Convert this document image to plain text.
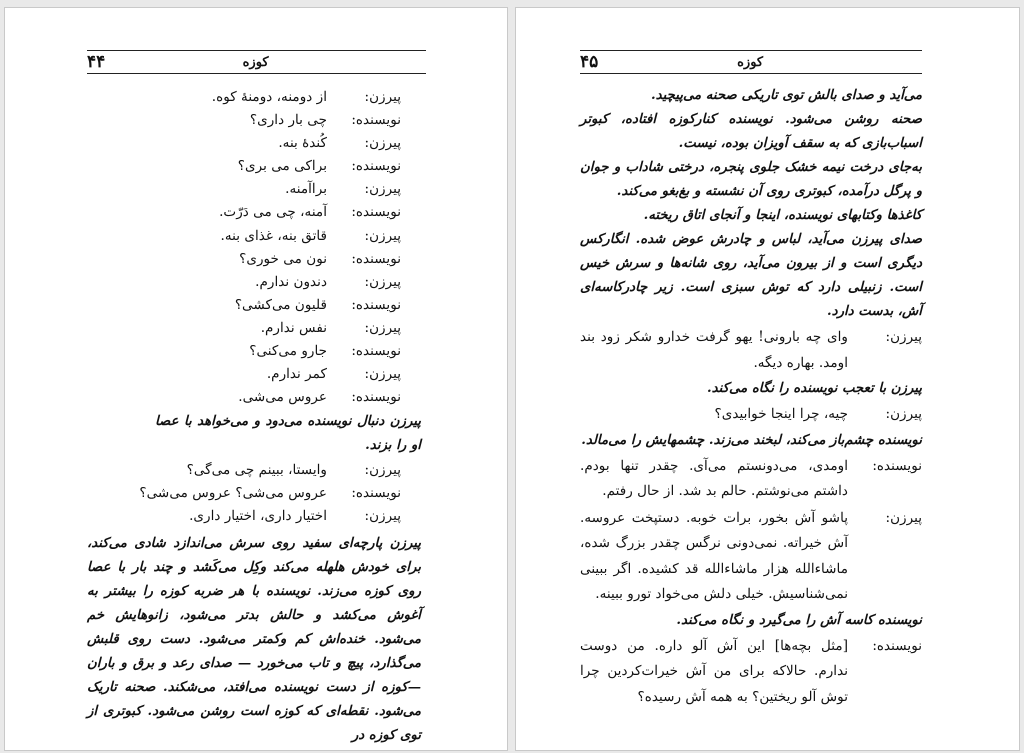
۴۴	کوزه
پیرزن:
از دومنه، دومنهٔ کوه.
نویسنده:
چی بار داری؟
پیرزن:
کُندهٔ بنه.
نویسنده:
براکی می بری؟
پیرزن:
براآمنه.
نویسنده:
آمنه، چی می دَرّت.
پیرزن:
قاتق بنه، غذای بنه.
نویسنده:
نون می خوری؟
پیرزن:
دندون ندارم.
نویسنده:
قلیون می‌کشی؟
پیرزن:
نفس ندارم.
نویسنده:
جارو می‌کنی؟
پیرزن:
کمر ندارم.
نویسنده:
عروس می‌شی.
پیرزن دنبال نویسنده می‌دود و می‌خواهد با عصا او را بزند.
پیرزن:
وایستا، ببینم چی می‌گی؟
نویسنده:
عروس می‌شی؟ عروس می‌شی؟
پیرزن:
اختیار داری، اختیار داری.
پیرزن پارچه‌ای سفید روی سرش می‌اندازد شادی می‌کند، برای خودش هلهله می‌کند وکِل می‌کَشد و چند بار با عصا روی کوزه می‌زند. نویسنده با هر ضربه کوزه را بیشتر به آغوش می‌کشد و حالش بدتر می‌شود، زانوهایش خم می‌شود. خنده‌اش کم وکمتر می‌شود. دست روی قلبش می‌گذارد، پیچ و تاب می‌خورد — صدای رعد و برق و باران —کوزه از دست نویسنده می‌افتد، می‌شکند. صحنه تاریک می‌شود. نقطه‌ای که کوزه است روشن می‌شود. کبوتری از توی کوزه در
۴۵	کوزه
می‌آید و صدای بالش توی تاریکی صحنه می‌پیچید.
صحنه روشن می‌شود. نویسنده کنارکوزه افتاده، کبوتر اسباب‌بازی که به سقف آویزان بوده، نیست.
به‌جای درخت نیمه خشک جلوی پنجره، درختی شاداب و جوان و پرگل درآمده، کبوتری روی آن نشسته و بغ‌بغو می‌کند.
کاغذها وکتابهای نویسنده، اینجا و آنجای اتاق ریخته.
صدای پیرزن می‌آید، لباس و چادرش عوض شده. انگارکس دیگری است و از بیرون می‌آید، روی شانه‌ها و سرش خیس است. زنبیلی دارد که توش سبزی است. زیر چادرکاسه‌ای آش، بدست دارد.
پیرزن:
وای چه بارونی! یهو گرفت خدارو شکر زود بند اومد. بهاره دیگه.
پیرزن با تعجب نویسنده را نگاه می‌کند.
پیرزن:
چیه، چرا اینجا خوابیدی؟
نویسنده چشم‌باز می‌کند، لبخند می‌زند. چشمهایش را می‌مالد.
نویسنده:
اومدی، می‌دونستم می‌آی. چقدر تنها بودم. داشتم می‌نوشتم. حالم بد شد. از حال رفتم.
پیرزن:
پاشو آش بخور، برات خوبه. دستپخت عروسه. آش خیراته. نمی‌دونی نرگس چقدر بزرگ شده، ماشاءالله هزار ماشاءالله قد کشیده. اگر ببینی نمی‌شناسیش. خیلی دلش می‌خواد تورو ببینه.
نویسنده کاسه آش را می‌گیرد و نگاه می‌کند.
نویسنده:
[مثل بچه‌ها] این آش آلو داره. من دوست ندارم. حالاکه برای من آش خیرات‌کردین چرا توش آلو ریختین؟ به همه آش رسیده؟
